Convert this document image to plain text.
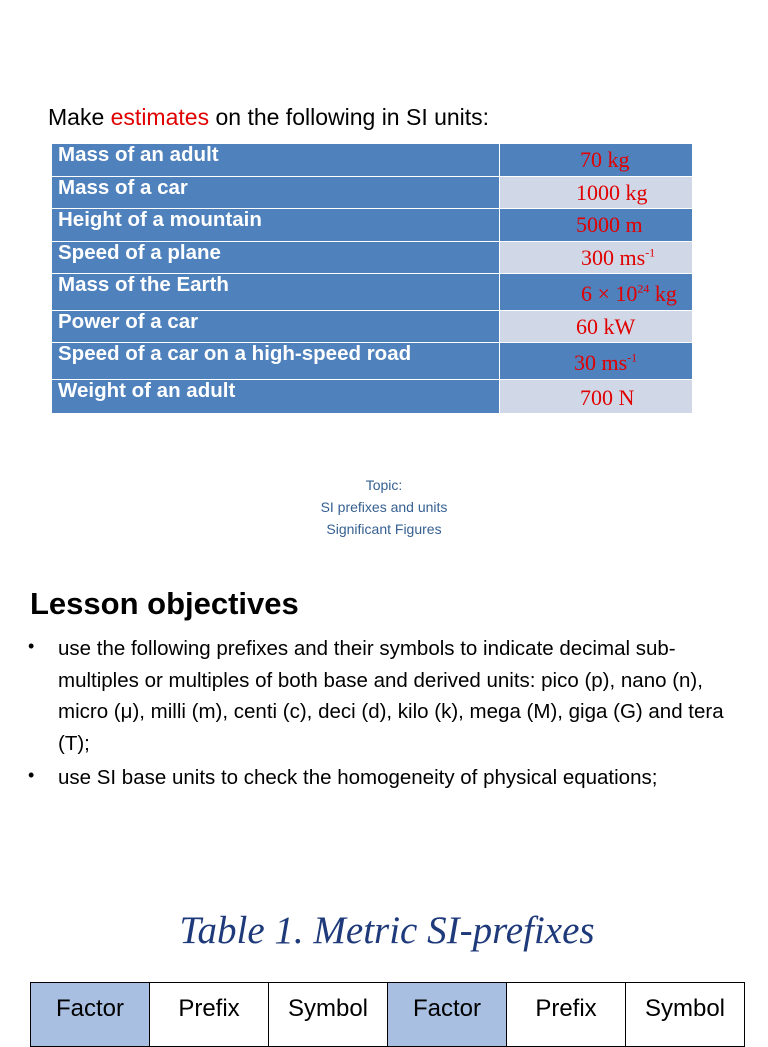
Make estimates on the following in SI units:
Mass of an adult	70 kg
Mass of a car	1000 kg
Height of a mountain	5000 m
Speed of a plane	300 $ms^{-1}$
Mass of the Earth	$6 \times 10^{24}$ kg
Power of a car	60 kW
Speed of a car on a high-speed road	30 $ms^{-1}$
Weight of an adult	700 N
Topic:
SI prefixes and units
Significant Figures
Lesson objectives
• use the following prefixes and their symbols to indicate decimal sub-multiples or multiples of both base and derived units: pico (p), nano (n), micro (μ), milli (m), centi (c), deci (d), kilo (k), mega (M), giga (G) and tera (T);
• use SI base units to check the homogeneity of physical equations;
Table 1. Metric SI-prefixes
Factor	Prefix	Symbol	Factor	Prefix	Symbol
